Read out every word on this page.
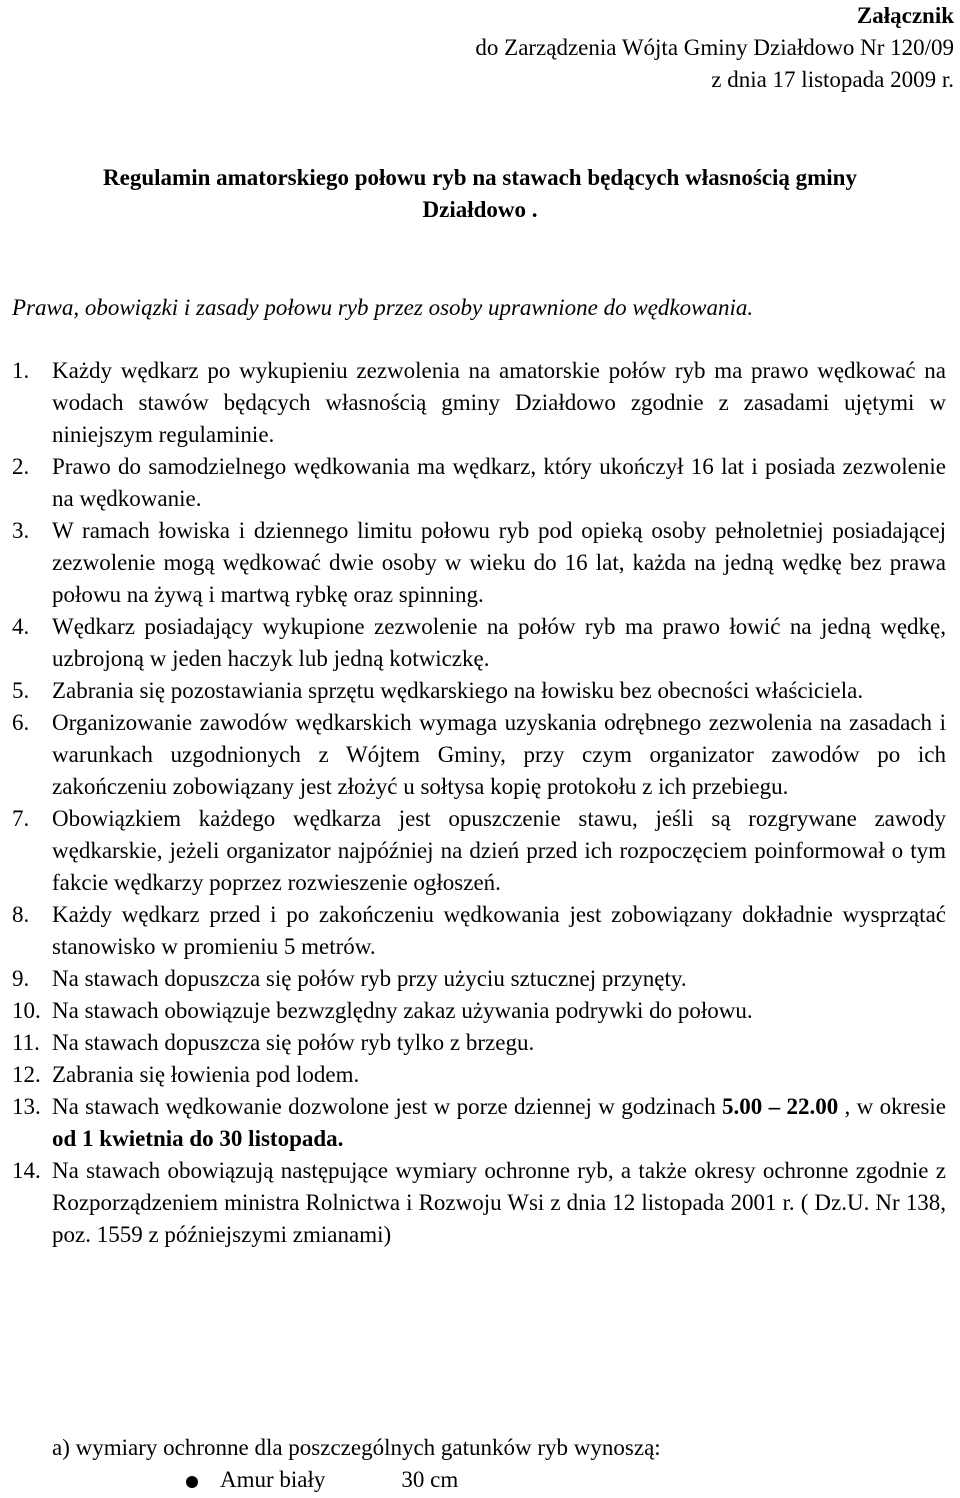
Załącznik
do Zarządzenia Wójta Gminy Działdowo Nr 120/09
z dnia 17 listopada 2009 r.
Regulamin amatorskiego połowu ryb na stawach będących własnością gminy
Działdowo .
Prawa, obowiązki i zasady połowu ryb przez osoby uprawnione do wędkowania.
1. Każdy wędkarz po wykupieniu zezwolenia na amatorskie połów ryb ma prawo wędkować na wodach stawów będących własnością gminy Działdowo zgodnie z zasadami ujętymi w niniejszym regulaminie.
2. Prawo do samodzielnego wędkowania ma wędkarz, który ukończył 16 lat i posiada zezwolenie na wędkowanie.
3. W ramach łowiska i dziennego limitu połowu ryb pod opieką osoby pełnoletniej posiadającej zezwolenie mogą wędkować dwie osoby w wieku do 16 lat, każda na jedną wędkę bez prawa połowu na żywą i martwą rybkę oraz spinning.
4. Wędkarz posiadający wykupione zezwolenie na połów ryb ma prawo łowić na jedną wędkę, uzbrojoną w jeden haczyk lub jedną kotwiczkę.
5. Zabrania się pozostawiania sprzętu wędkarskiego na łowisku bez obecności właściciela.
6. Organizowanie zawodów wędkarskich wymaga uzyskania odrębnego zezwolenia na zasadach i warunkach uzgodnionych z Wójtem Gminy, przy czym organizator zawodów po ich zakończeniu zobowiązany jest złożyć u sołtysa kopię protokołu z ich przebiegu.
7. Obowiązkiem każdego wędkarza jest opuszczenie stawu, jeśli są rozgrywane zawody wędkarskie, jeżeli organizator najpóźniej na dzień przed ich rozpoczęciem poinformował o tym fakcie wędkarzy poprzez rozwieszenie ogłoszeń.
8. Każdy wędkarz przed i po zakończeniu wędkowania jest zobowiązany dokładnie wysprzątać stanowisko w promieniu 5 metrów.
9. Na stawach dopuszcza się połów ryb przy użyciu sztucznej przynęty.
10. Na stawach obowiązuje bezwzględny zakaz używania podrywki do połowu.
11. Na stawach dopuszcza się połów ryb tylko z brzegu.
12. Zabrania się łowienia pod lodem.
13. Na stawach wędkowanie dozwolone jest w porze dziennej w godzinach 5.00 – 22.00 , w okresie od 1 kwietnia do 30 listopada.
14. Na stawach obowiązują następujące wymiary ochronne ryb, a także okresy ochronne zgodnie z Rozporządzeniem ministra Rolnictwa i Rozwoju Wsi z dnia 12 listopada 2001 r. ( Dz.U. Nr 138, poz. 1559 z późniejszymi zmianami)
a) wymiary ochronne dla poszczególnych gatunków ryb wynoszą:
Amur biały	30 cm
